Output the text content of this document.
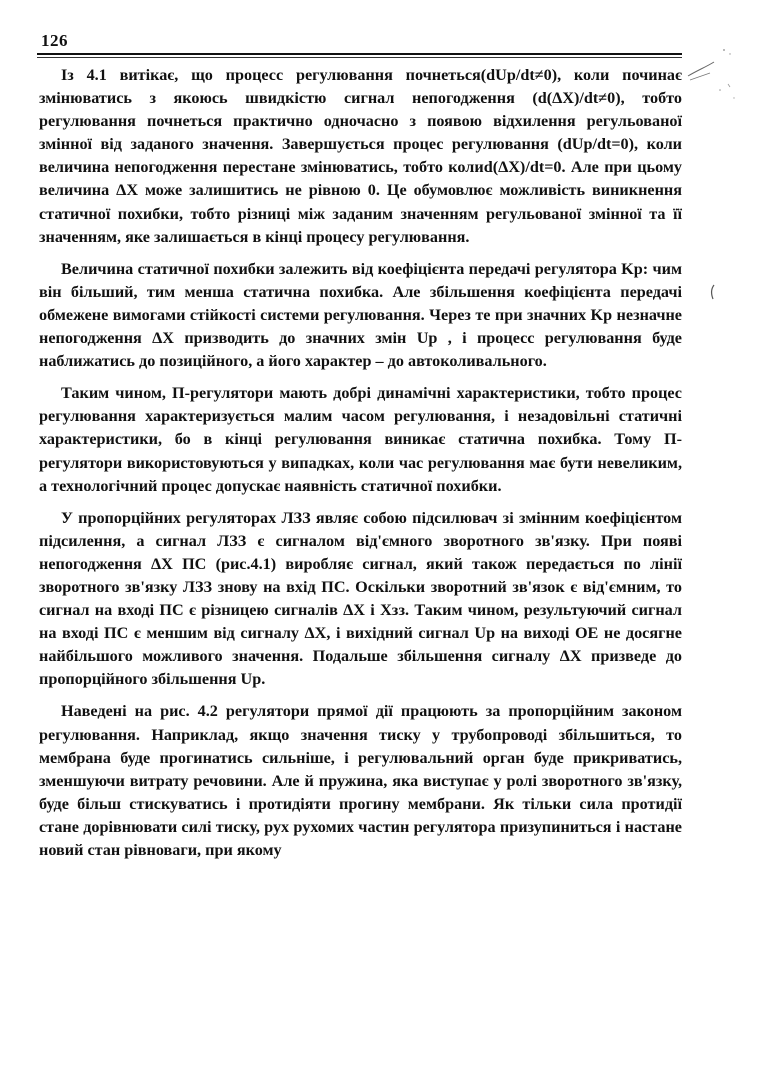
126

Із 4.1 витікає, що процесс регулювання почнеться(dUр/dt≠0), коли починає змінюватись з якоюсь швидкістю сигнал непогодження (d(ΔX)/dt≠0), тобто регулювання почнеться практично одночасно з появою відхилення регульованої змінної від заданого значення. Завершується процес регулювання (dUp/dt=0), коли величина непогодження перестане змінюватись, тобто колиd(ΔX)/dt=0. Але при цьому величина ΔX може залишитись не рівною 0. Це обумовлює можливість виникнення статичної похибки, тобто різниці між заданим значенням регульованої змінної та її значенням, яке залишається в кінці процесу регулювання.

Величина статичної похибки залежить від коефіцієнта передачі регулятора Kр: чим він більший, тим менша статична похибка. Але збільшення коефіцієнта передачі обмежене вимогами стійкості системи регулювання. Через те при значних Kр незначне непогодження ΔX призводить до значних змін Uр , і процесс регулювання буде наближатись до позиційного, а його характер – до автоколивального.

Таким чином, П-регулятори мають добрі динамічні характеристики, тобто процес регулювання характеризується малим часом регулювання, і незадовільні статичні характеристики, бо в кінці регулювання виникає статична похибка. Тому П-регулятори використовуються у випадках, коли час регулювання має бути невеликим, а технологічний процес допускає наявність статичної похибки.

У пропорційних регуляторах ЛЗЗ являє собою підсилювач зі змінним коефіцієнтом підсилення, а сигнал ЛЗЗ є сигналом від'ємного зворотного зв'язку. При появі непогодження ΔX ПС (рис.4.1) виробляє сигнал, який також передається по лінії зворотного зв'язку ЛЗЗ знову на вхід ПС. Оскільки зворотний зв'язок є від'ємним, то сигнал на вході ПС є різницею сигналів ΔX і Xзз. Таким чином, результуючий сигнал на вході ПС є меншим від сигналу ΔX, і вихідний сигнал Uр на виході ОЕ не досягне найбільшого можливого значення. Подальше збільшення сигналу ΔX призведе до пропорційного збільшення Uр.

Наведені на рис. 4.2 регулятори прямої дії працюють за пропорційним законом регулювання. Наприклад, якщо значення тиску у трубопроводі збільшиться, то мембрана буде прогинатись сильніше, і регулювальний орган буде прикриватись, зменшуючи витрату речовини. Але й пружина, яка виступає у ролі зворотного зв'язку, буде більш стискуватись і протидіяти прогину мембрани. Як тільки сила протидії стане дорівнювати силі тиску, рух рухомих частин регулятора призупиниться і настане новий стан рівноваги, при якому
